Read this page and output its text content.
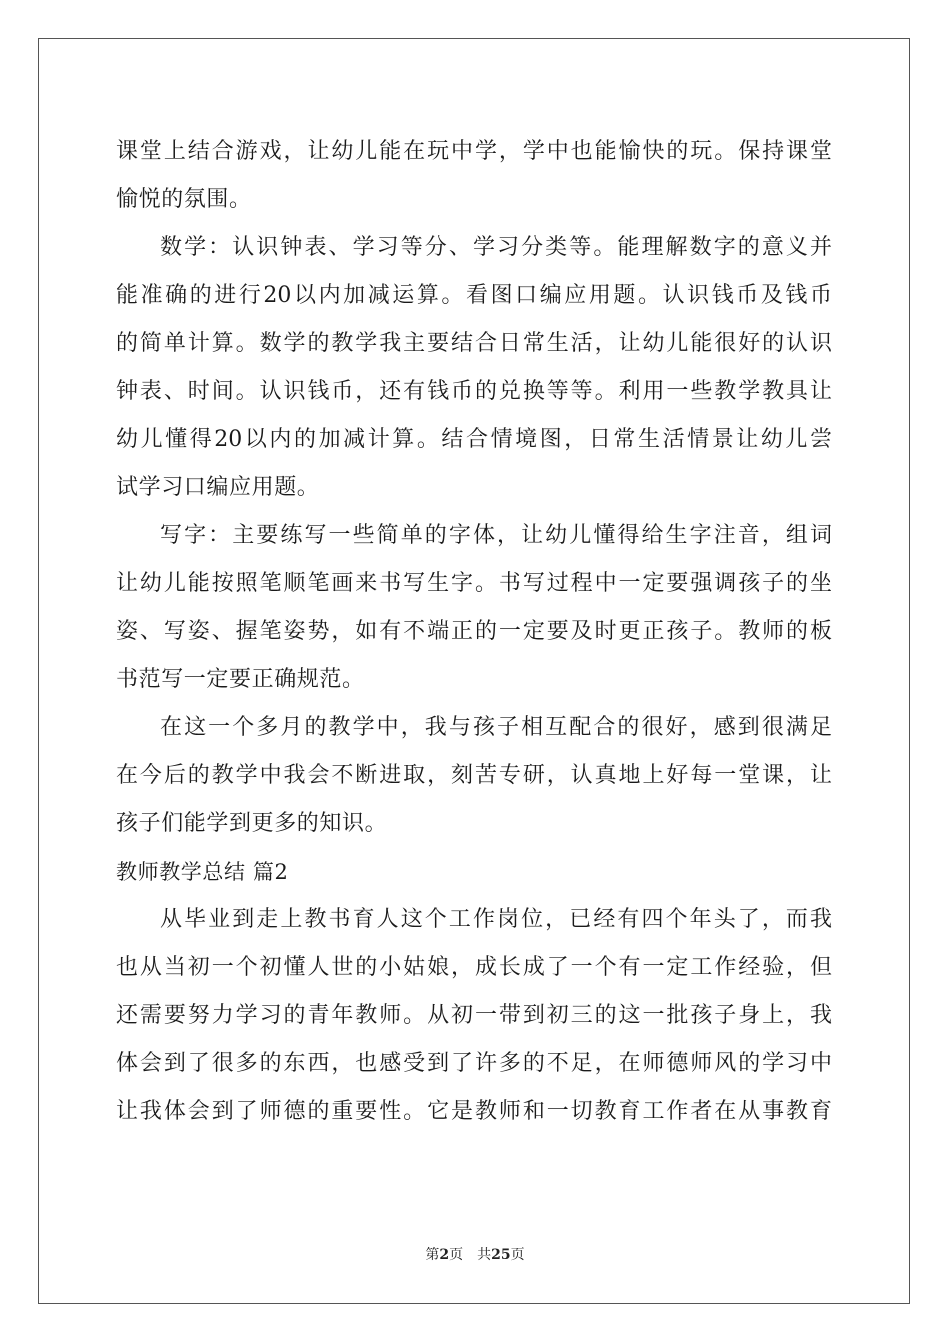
课堂上结合游戏，让幼儿能在玩中学，学中也能愉快的玩。保持课堂
愉悦的氛围。
数学：认识钟表、学习等分、学习分类等。能理解数字的意义并
能准确的进行20以内加减运算。看图口编应用题。认识钱币及钱币
的简单计算。数学的教学我主要结合日常生活，让幼儿能很好的认识
钟表、时间。认识钱币，还有钱币的兑换等等。利用一些教学教具让
幼儿懂得20以内的加减计算。结合情境图，日常生活情景让幼儿尝
试学习口编应用题。
写字：主要练写一些简单的字体，让幼儿懂得给生字注音，组词
让幼儿能按照笔顺笔画来书写生字。书写过程中一定要强调孩子的坐
姿、写姿、握笔姿势，如有不端正的一定要及时更正孩子。教师的板
书范写一定要正确规范。
在这一个多月的教学中，我与孩子相互配合的很好，感到很满足
在今后的教学中我会不断进取，刻苦专研，认真地上好每一堂课，让
孩子们能学到更多的知识。
教师教学总结 篇2
从毕业到走上教书育人这个工作岗位，已经有四个年头了，而我
也从当初一个初懂人世的小姑娘，成长成了一个有一定工作经验，但
还需要努力学习的青年教师。从初一带到初三的这一批孩子身上，我
体会到了很多的东西，也感受到了许多的不足，在师德师风的学习中
让我体会到了师德的重要性。它是教师和一切教育工作者在从事教育
第2页 共25页
